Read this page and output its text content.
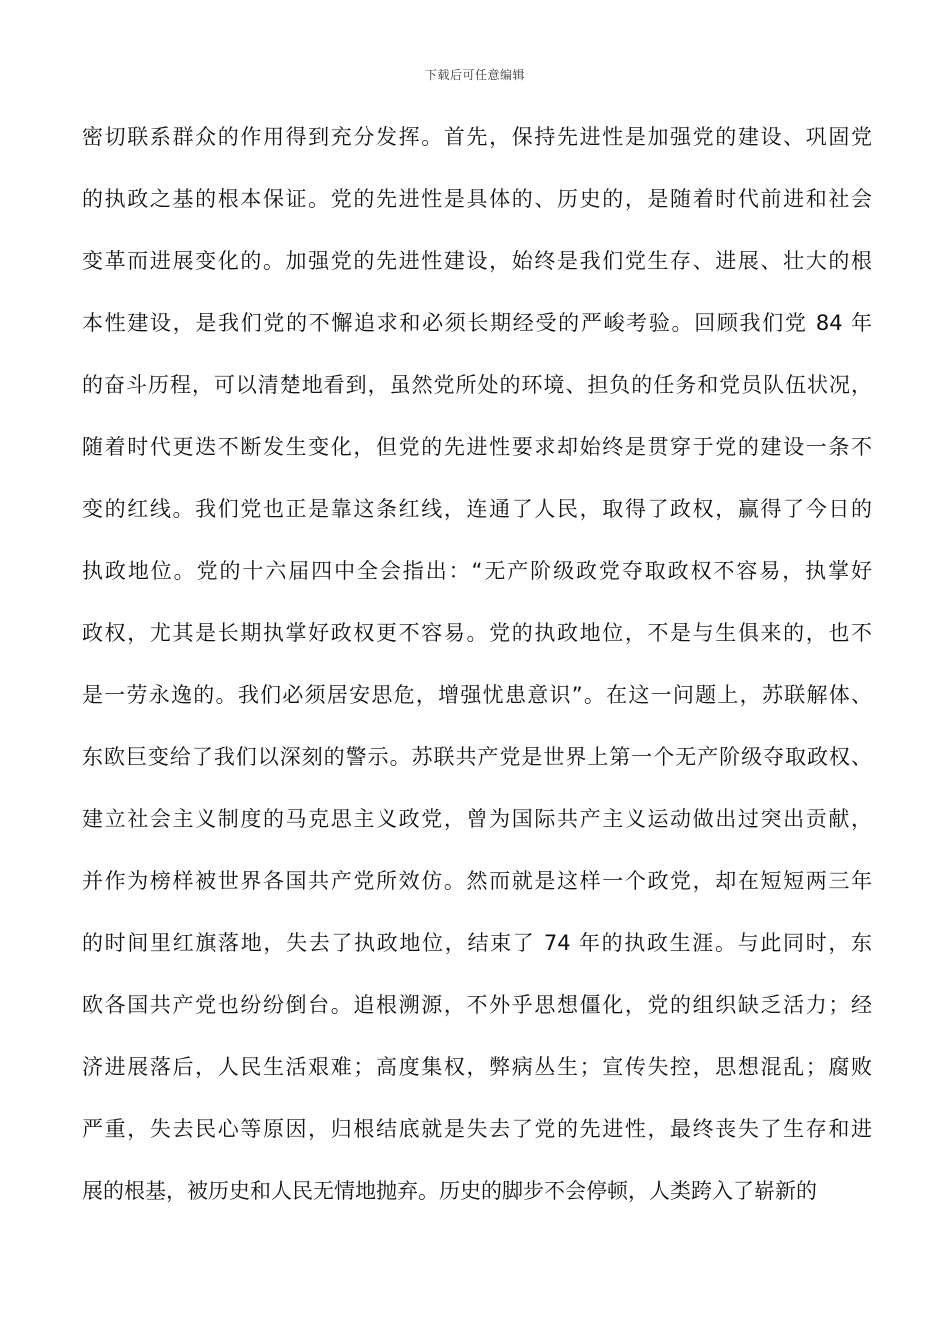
下载后可任意编辑
密切联系群众的作用得到充分发挥。首先，保持先进性是加强党的建设、巩固党
的执政之基的根本保证。党的先进性是具体的、历史的，是随着时代前进和社会
变革而进展变化的。加强党的先进性建设，始终是我们党生存、进展、壮大的根
本性建设，是我们党的不懈追求和必须长期经受的严峻考验。回顾我们党 84 年
的奋斗历程，可以清楚地看到，虽然党所处的环境、担负的任务和党员队伍状况，
随着时代更迭不断发生变化，但党的先进性要求却始终是贯穿于党的建设一条不
变的红线。我们党也正是靠这条红线，连通了人民，取得了政权，赢得了今日的
执政地位。党的十六届四中全会指出：“无产阶级政党夺取政权不容易，执掌好
政权，尤其是长期执掌好政权更不容易。党的执政地位，不是与生俱来的，也不
是一劳永逸的。我们必须居安思危，增强忧患意识”。在这一问题上，苏联解体、
东欧巨变给了我们以深刻的警示。苏联共产党是世界上第一个无产阶级夺取政权、
建立社会主义制度的马克思主义政党，曾为国际共产主义运动做出过突出贡献，
并作为榜样被世界各国共产党所效仿。然而就是这样一个政党，却在短短两三年
的时间里红旗落地，失去了执政地位，结束了 74 年的执政生涯。与此同时，东
欧各国共产党也纷纷倒台。追根溯源，不外乎思想僵化，党的组织缺乏活力；经
济进展落后，人民生活艰难；高度集权，弊病丛生；宣传失控，思想混乱；腐败
严重，失去民心等原因，归根结底就是失去了党的先进性，最终丧失了生存和进
展的根基，被历史和人民无情地抛弃。历史的脚步不会停顿，人类跨入了崭新的
